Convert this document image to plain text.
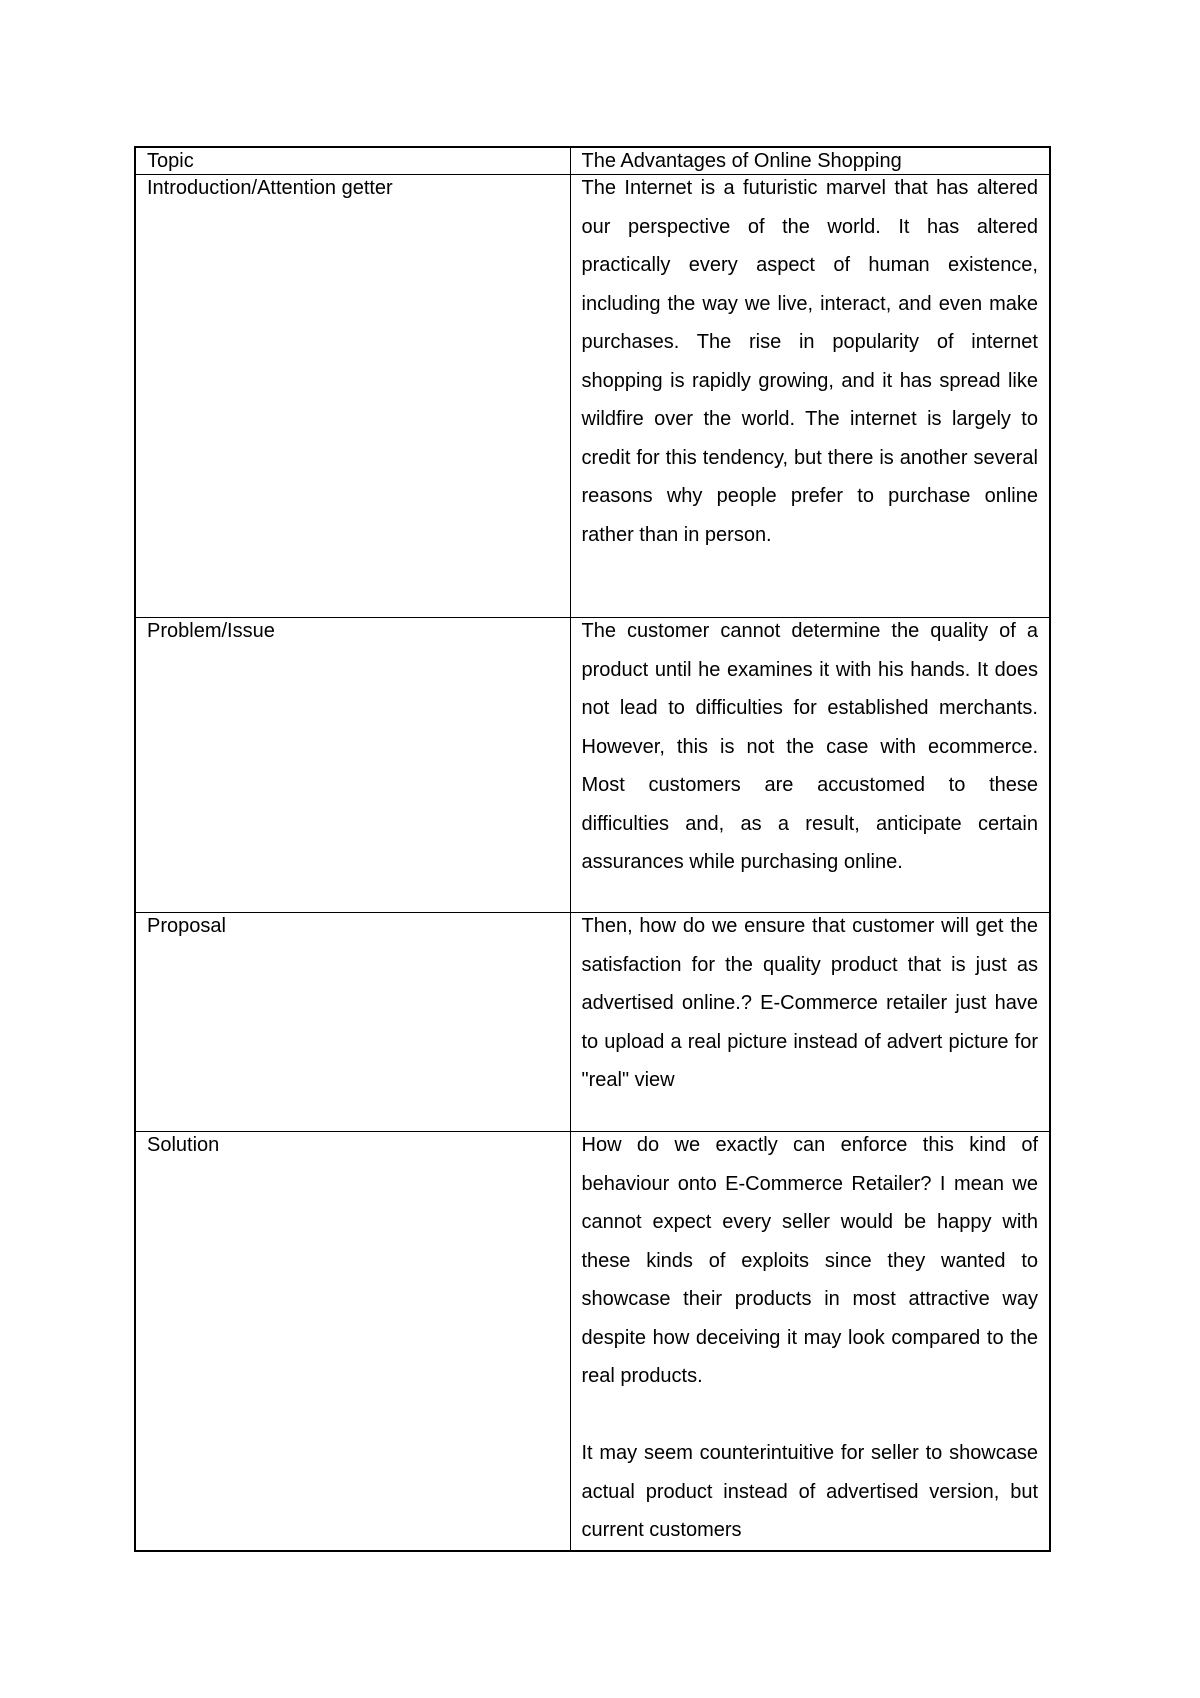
Topic	The Advantages of Online Shopping

Introduction/Attention getter	The Internet is a futuristic marvel that has altered our perspective of the world. It has altered practically every aspect of human existence, including the way we live, interact, and even make purchases. The rise in popularity of internet shopping is rapidly growing, and it has spread like wildfire over the world. The internet is largely to credit for this tendency, but there is another several reasons why people prefer to purchase online rather than in person.

Problem/Issue	The customer cannot determine the quality of a product until he examines it with his hands. It does not lead to difficulties for established merchants. However, this is not the case with ecommerce. Most customers are accustomed to these difficulties and, as a result, anticipate certain assurances while purchasing online.

Proposal	Then, how do we ensure that customer will get the satisfaction for the quality product that is just as advertised online.? E-Commerce retailer just have to upload a real picture instead of advert picture for "real" view

Solution	How do we exactly can enforce this kind of behaviour onto E-Commerce Retailer? I mean we cannot expect every seller would be happy with these kinds of exploits since they wanted to showcase their products in most attractive way despite how deceiving it may look compared to the real products.

It may seem counterintuitive for seller to showcase actual product instead of advertised version, but current customers
